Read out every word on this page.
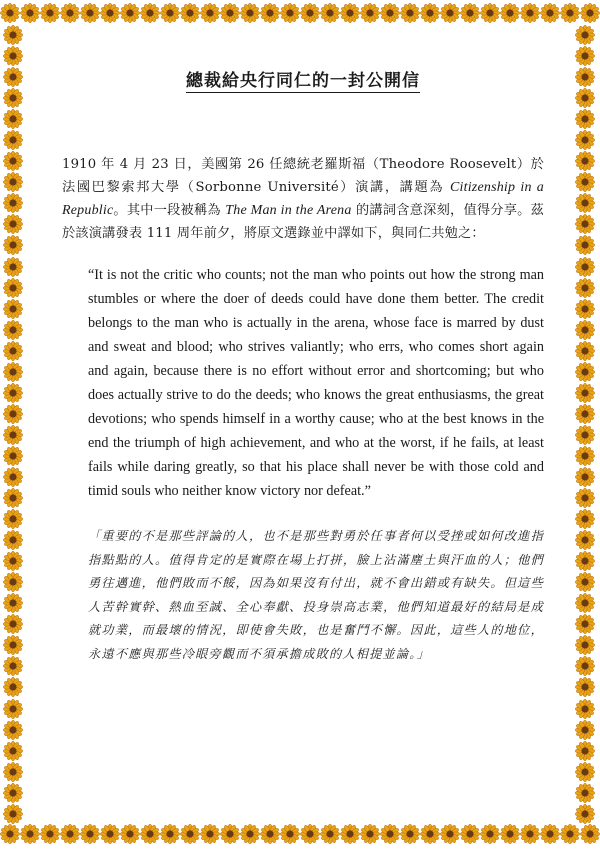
總裁給央行同仁的一封公開信

1910 年 4 月 23 日，美國第 26 任總統老羅斯福（Theodore Roosevelt）於法國巴黎索邦大學（Sorbonne Université）演講，講題為 Citizenship in a Republic。其中一段被稱為 The Man in the Arena 的講詞含意深刻，值得分享。茲於該演講發表 111 周年前夕，將原文選錄並中譯如下，與同仁共勉之：

“It is not the critic who counts; not the man who points out how the strong man stumbles or where the doer of deeds could have done them better. The credit belongs to the man who is actually in the arena, whose face is marred by dust and sweat and blood; who strives valiantly; who errs, who comes short again and again, because there is no effort without error and shortcoming; but who does actually strive to do the deeds; who knows the great enthusiasms, the great devotions; who spends himself in a worthy cause; who at the best knows in the end the triumph of high achievement, and who at the worst, if he fails, at least fails while daring greatly, so that his place shall never be with those cold and timid souls who neither know victory nor defeat.”

「重要的不是那些評論的人，也不是那些對勇於任事者何以受挫或如何改進指指點點的人。值得肯定的是實際在場上打拼，臉上沾滿塵土與汗血的人；他們勇往邁進，他們敗而不餒，因為如果沒有付出，就不會出錯或有缺失。但這些人苦幹實幹、熱血至誠、全心奉獻、投身崇高志業，他們知道最好的結局是成就功業，而最壞的情況，即使會失敗，也是奮鬥不懈。因此，這些人的地位，永遠不應與那些冷眼旁觀而不須承擔成敗的人相提並論。」
